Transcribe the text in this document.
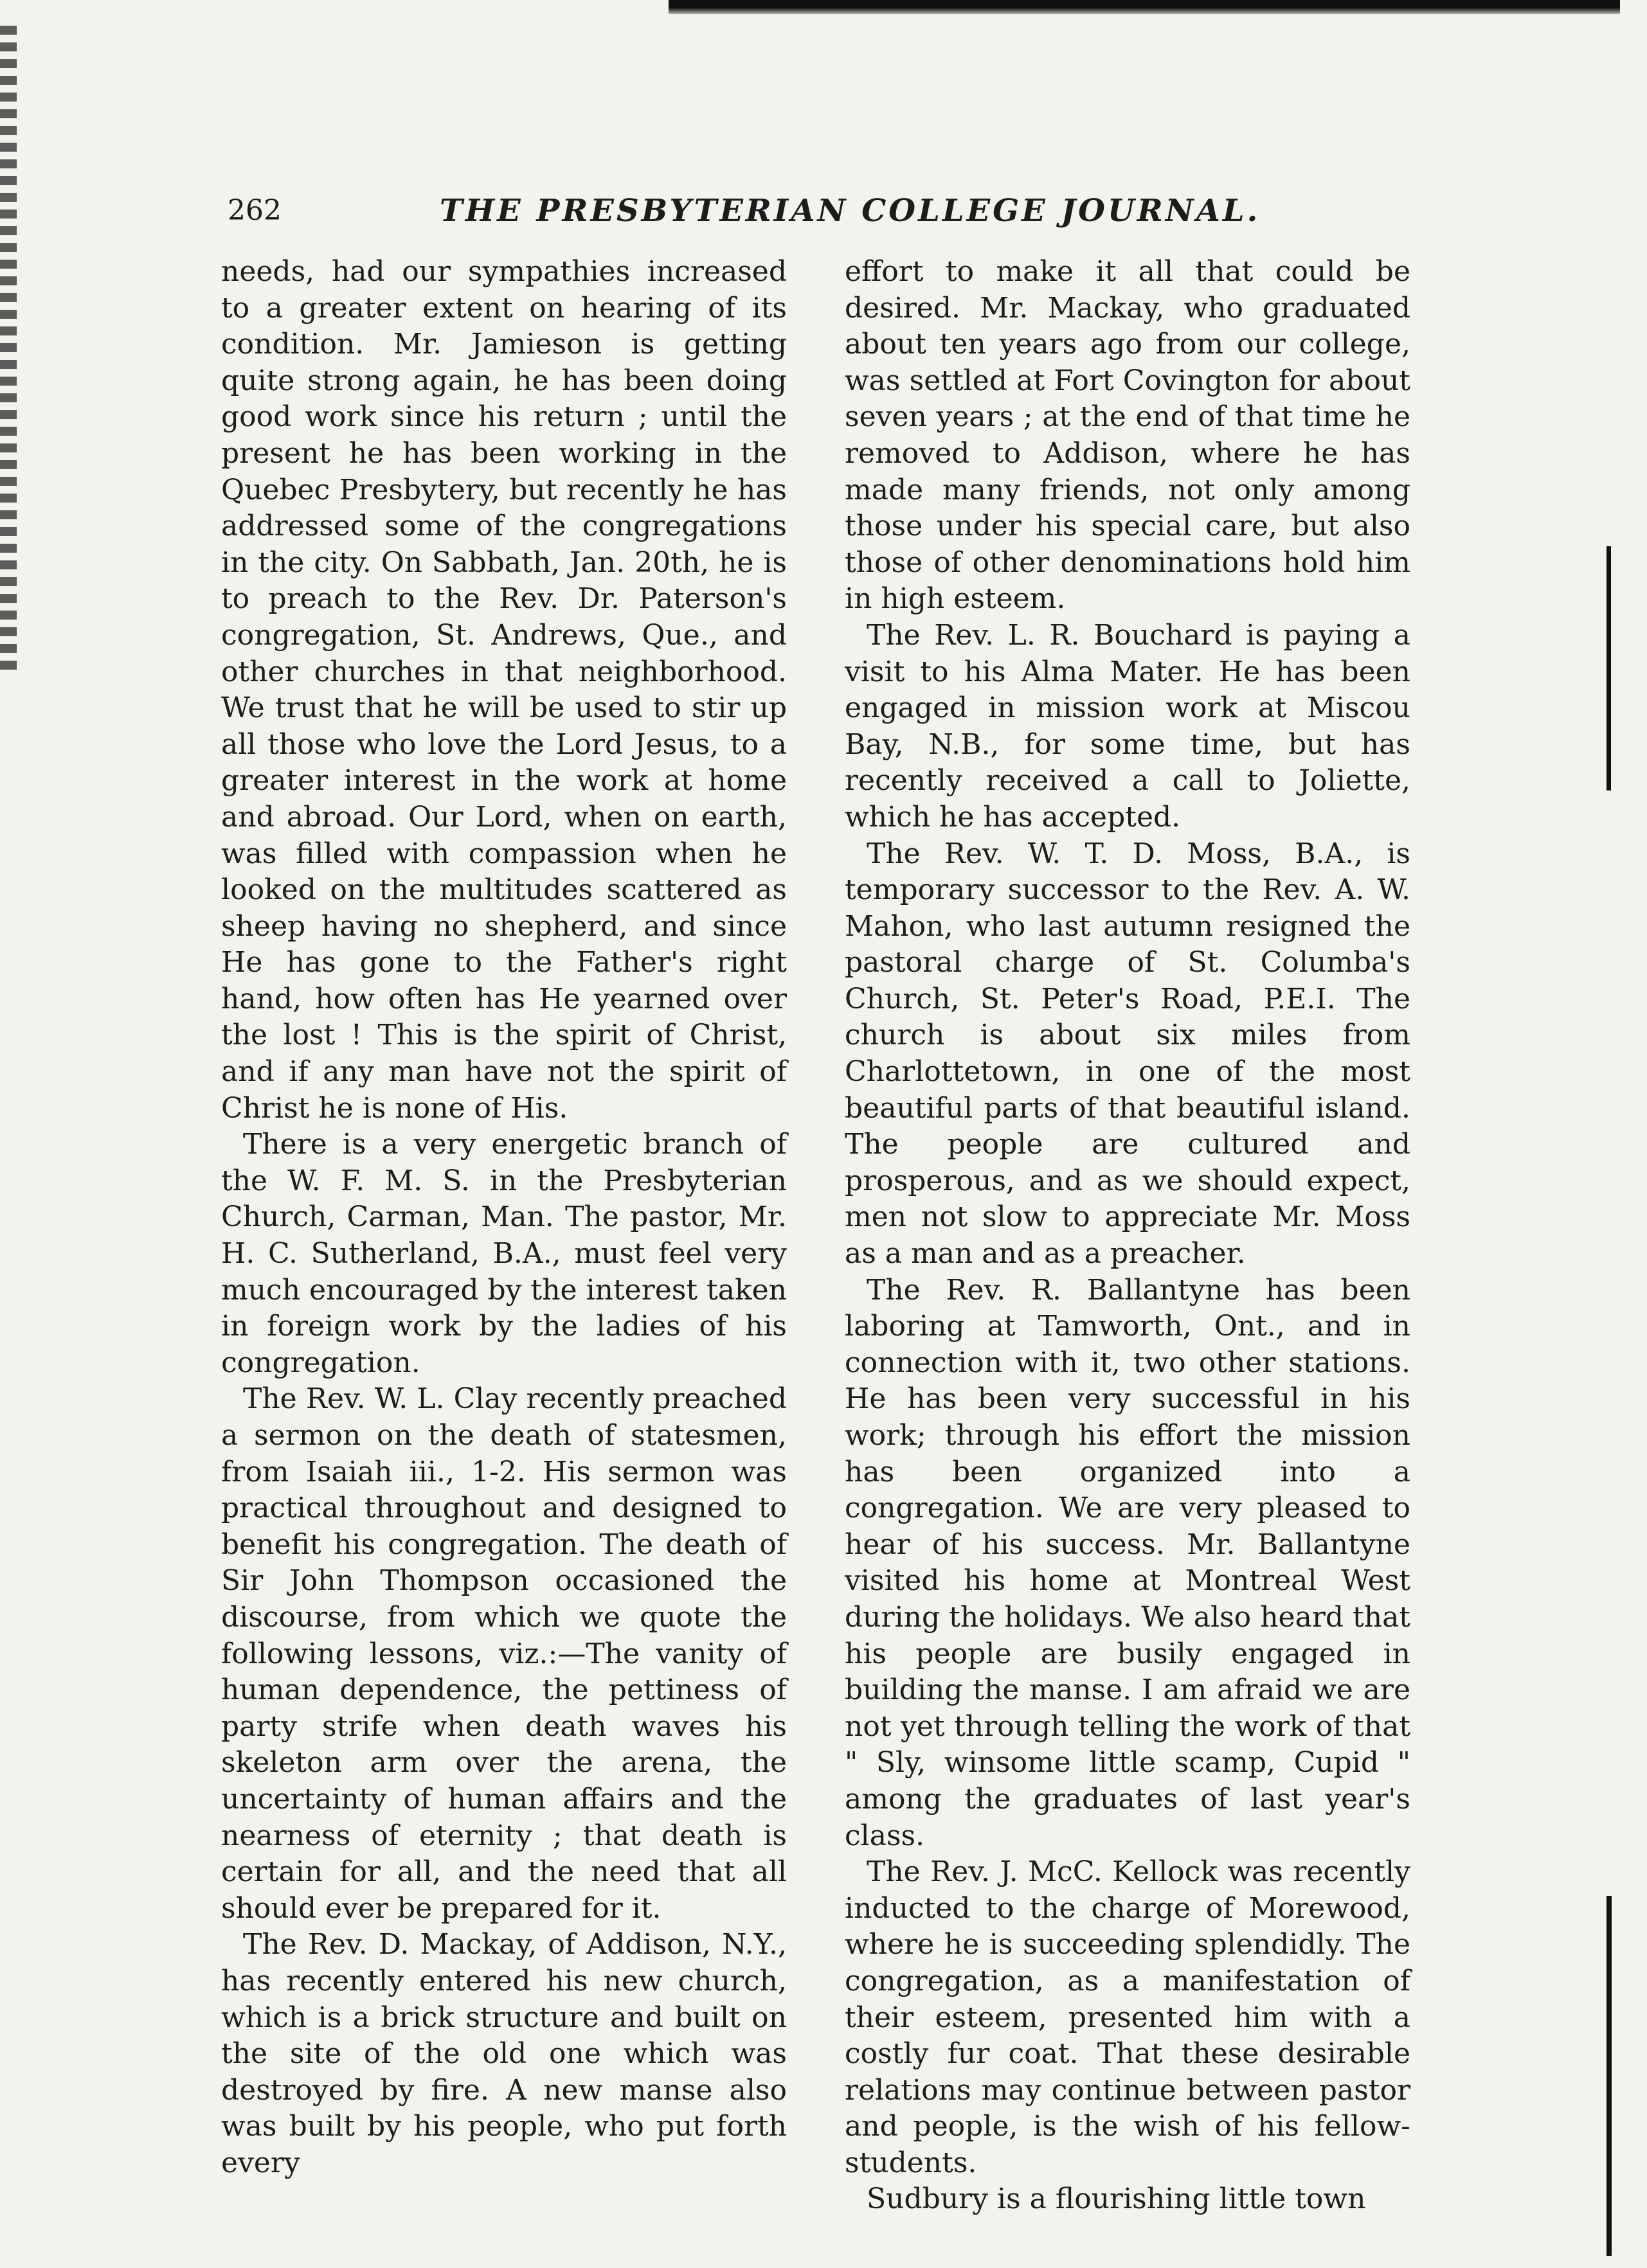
262	THE PRESBYTERIAN COLLEGE JOURNAL.

needs, had our sympathies increased to a greater extent on hearing of its condition. Mr. Jamieson is getting quite strong again, he has been doing good work since his return ; until the present he has been working in the Quebec Presbytery, but recently he has addressed some of the congregations in the city. On Sabbath, Jan. 20th, he is to preach to the Rev. Dr. Paterson's congregation, St. Andrews, Que., and other churches in that neighborhood. We trust that he will be used to stir up all those who love the Lord Jesus, to a greater interest in the work at home and abroad. Our Lord, when on earth, was filled with compassion when he looked on the multitudes scattered as sheep having no shepherd, and since He has gone to the Father's right hand, how often has He yearned over the lost ! This is the spirit of Christ, and if any man have not the spirit of Christ he is none of His.

There is a very energetic branch of the W. F. M. S. in the Presbyterian Church, Carman, Man. The pastor, Mr. H. C. Sutherland, B.A., must feel very much encouraged by the interest taken in foreign work by the ladies of his congregation.

The Rev. W. L. Clay recently preached a sermon on the death of statesmen, from Isaiah iii., 1-2. His sermon was practical throughout and designed to benefit his congregation. The death of Sir John Thompson occasioned the discourse, from which we quote the following lessons, viz.:—The vanity of human dependence, the pettiness of party strife when death waves his skeleton arm over the arena, the uncertainty of human affairs and the nearness of eternity ; that death is certain for all, and the need that all should ever be prepared for it.

The Rev. D. Mackay, of Addison, N.Y., has recently entered his new church, which is a brick structure and built on the site of the old one which was destroyed by fire. A new manse also was built by his people, who put forth every

effort to make it all that could be desired. Mr. Mackay, who graduated about ten years ago from our college, was settled at Fort Covington for about seven years ; at the end of that time he removed to Addison, where he has made many friends, not only among those under his special care, but also those of other denominations hold him in high esteem.

The Rev. L. R. Bouchard is paying a visit to his Alma Mater. He has been engaged in mission work at Miscou Bay, N.B., for some time, but has recently received a call to Joliette, which he has accepted.

The Rev. W. T. D. Moss, B.A., is temporary successor to the Rev. A. W. Mahon, who last autumn resigned the pastoral charge of St. Columba's Church, St. Peter's Road, P.E.I. The church is about six miles from Charlottetown, in one of the most beautiful parts of that beautiful island. The people are cultured and prosperous, and as we should expect, men not slow to appreciate Mr. Moss as a man and as a preacher.

The Rev. R. Ballantyne has been laboring at Tamworth, Ont., and in connection with it, two other stations. He has been very successful in his work; through his effort the mission has been organized into a congregation. We are very pleased to hear of his success. Mr. Ballantyne visited his home at Montreal West during the holidays. We also heard that his people are busily engaged in building the manse. I am afraid we are not yet through telling the work of that " Sly, winsome little scamp, Cupid " among the graduates of last year's class.

The Rev. J. McC. Kellock was recently inducted to the charge of Morewood, where he is succeeding splendidly. The congregation, as a manifestation of their esteem, presented him with a costly fur coat. That these desirable relations may continue between pastor and people, is the wish of his fellow-students.

Sudbury is a flourishing little town
